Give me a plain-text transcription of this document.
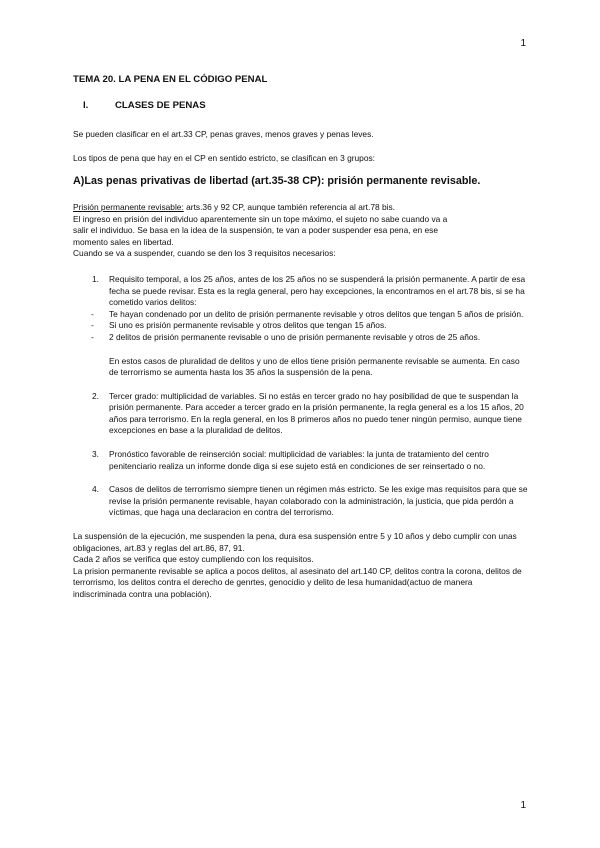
1
TEMA 20. LA PENA EN EL CÓDIGO PENAL
I.	CLASES DE PENAS

Se pueden clasificar en el art.33 CP, penas graves, menos graves y penas leves.

Los tipos de pena que hay en el CP en sentido estricto, se clasifican en 3 grupos:

A)Las penas privativas de libertad (art.35-38 CP): prisión permanente revisable.

Prisión permanente revisable: arts.36 y 92 CP, aunque también referencia al art.78 bis.

El ingreso en prisión del individuo aparentemente sin un tope máximo, el sujeto no sabe cuando va a

salir el individuo. Se basa en la idea de la suspensión, te van a poder suspender esa pena, en ese

momento sales en libertad.

Cuando se va a suspender, cuando se den los 3 requisitos necesarios:

1.	Requisito temporal, a los 25 años, antes de los 25 años no se suspenderá la prisión permanente. A partir de esa fecha se puede revisar. Esta es la regla general, pero hay excepciones, la encontramos en el art.78 bis, si se ha cometido varios delitos:
-	Te hayan condenado por un delito de prisión permanente revisable y otros delitos que tengan 5 años de prisión.
-	Si uno es prisión permanente revisable y otros delitos que tengan 15 años.
-	2 delitos de prisión permanente revisable o uno de prisión permanente revisable y otros de 25 años.

En estos casos de pluralidad de delitos y uno de ellos tiene prisión permanente revisable se aumenta. En caso de terrorrismo se aumenta hasta los 35 años la suspensión de la pena.

2.	Tercer grado: multiplicidad de variables. Si no estás en tercer grado no hay posibilidad de que te suspendan la prisión permanente. Para acceder a tercer grado en la prisión permanente, la regla general es a los 15 años, 20 años para terrorismo. En la regla general, en los 8 primeros años no puedo tener ningún permiso, aunque tiene excepciones en base a la pluralidad de delitos.
3.	Pronóstico favorable de reinserción social: multiplicidad de variables: la junta de tratamiento del centro penitenciario realiza un informe donde diga si ese sujeto está en condiciones de ser reinsertado o no.
4.	Casos de delitos de terrorrismo siempre tienen un régimen más estricto. Se les exige mas requisitos para que se revise la prisión permanente revisable, hayan colaborado con la administración, la justicia, que pida perdón a víctimas, que haga una declaracion en contra del terrorismo.

La suspensión de la ejecución, me suspenden la pena, dura esa suspensión entre 5 y 10 años y debo cumplir con unas obligaciones, art.83 y reglas del art.86, 87, 91.

Cada 2 años se verifica que estoy cumpliendo con los requisitos.

La prision permanente revisable se aplica a pocos delitos, al asesinato del art.140 CP, delitos contra la corona, delitos de terrorrismo, los delitos contra el derecho de genrtes, genocidio y delito de lesa humanidad(actuo de manera indiscriminada contra una población).

1
